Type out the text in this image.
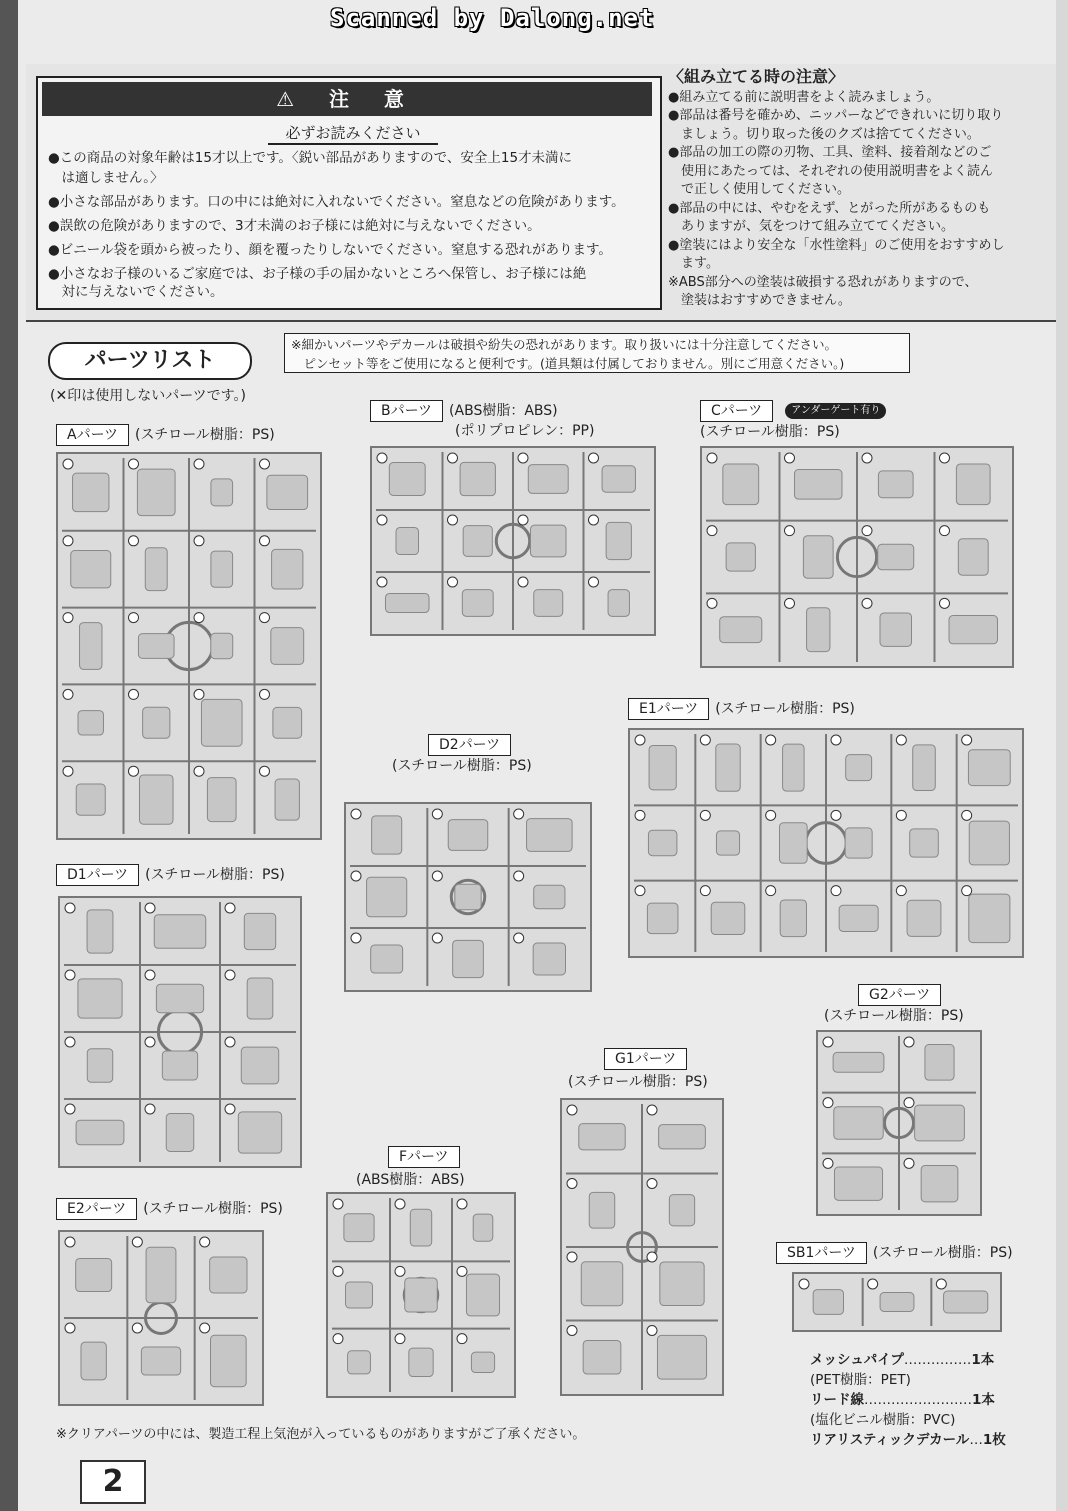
Scanned by Dalong.net
⚠ 注 意
必ずお読みください
●この商品の対象年齢は15才以上です。〈鋭い部品がありますので、安全上15才未満に
　は適しません。〉
●小さな部品があります。口の中には絶対に入れないでください。窒息などの危険があります。
●誤飲の危険がありますので、3才未満のお子様には絶対に与えないでください。
●ビニール袋を頭から被ったり、顔を覆ったりしないでください。窒息する恐れがあります。
●小さなお子様のいるご家庭では、お子様の手の届かないところへ保管し、お子様には絶
　対に与えないでください。
〈組み立てる時の注意〉
●組み立てる前に説明書をよく読みましょう。
●部品は番号を確かめ、ニッパーなどできれいに切り取り
　ましょう。切り取った後のクズは捨ててください。
●部品の加工の際の刃物、工具、塗料、接着剤などのご
　使用にあたっては、それぞれの使用説明書をよく読ん
　で正しく使用してください。
●部品の中には、やむをえず、とがった所があるものも
　ありますが、気をつけて組み立ててください。
●塗装にはより安全な「水性塗料」のご使用をおすすめし
　ます。
※ABS部分への塗装は破損する恐れがありますので、
　塗装はおすすめできません。
パーツリスト
※細かいパーツやデカールは破損や紛失の恐れがあります。取り扱いには十分注意してください。
　ピンセット等をご使用になると便利です。(道具類は付属しておりません。別にご用意ください。)
(✕印は使用しないパーツです。)
Aパーツ (スチロール樹脂：PS)
Bパーツ (ABS樹脂：ABS)
(ポリプロピレン：PP)
Cパーツ	アンダーゲート有り
(スチロール樹脂：PS)
E1パーツ (スチロール樹脂：PS)
D2パーツ
(スチロール樹脂：PS)
D1パーツ (スチロール樹脂：PS)
G2パーツ
(スチロール樹脂：PS)
G1パーツ
(スチロール樹脂：PS)
E2パーツ (スチロール樹脂：PS)
Fパーツ
(ABS樹脂：ABS)
SB1パーツ (スチロール樹脂：PS)
メッシュパイプ……………1本
(PET樹脂：PET)
リード線……………………1本
(塩化ビニル樹脂：PVC)
リアリスティックデカール…1枚
※クリアパーツの中には、製造工程上気泡が入っているものがありますがご了承ください。
2
